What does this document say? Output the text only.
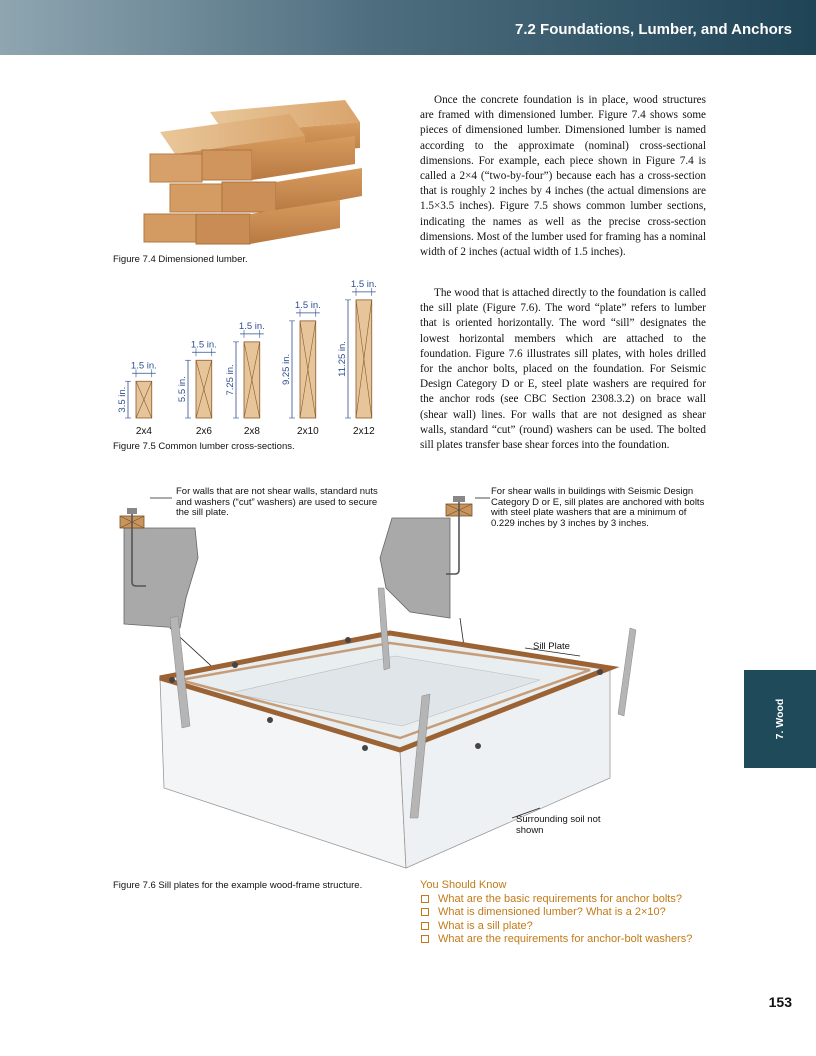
7.2 Foundations, Lumber, and Anchors
Figure 7.4 Dimensioned lumber.
1.5 in.
3.5 in.
2x4
1.5 in.
5.5 in.
2x6
1.5 in.
7.25 in.
2x8
1.5 in.
9.25 in.
2x10
1.5 in.
11.25 in.
2x12
Figure 7.5 Common lumber cross-sections.

Once the concrete foundation is in place, wood structures are framed with dimensioned lumber. Figure 7.4 shows some pieces of dimensioned lumber. Dimensioned lumber is named according to the approximate (nominal) cross-sectional dimensions. For example, each piece shown in Figure 7.4 is called a 2×4 (“two-by-four”) because each has a cross-section that is roughly 2 inches by 4 inches (the actual dimensions are 1.5×3.5 inches). Figure 7.5 shows common lumber sections, indicating the names as well as the precise cross-section dimensions. Most of the lumber used for framing has a nominal width of 2 inches (actual width of 1.5 inches).

The wood that is attached directly to the foundation is called the sill plate (Figure 7.6). The word “plate” refers to lumber that is oriented horizontally. The word “sill” designates the lowest horizontal members which are attached to the foundation. Figure 7.6 illustrates sill plates, with holes drilled for the anchor bolts, placed on the foundation. For Seismic Design Category D or E, steel plate washers are required for the anchor rods (see CBC Section 2308.3.2) on brace wall (shear wall) lines. For walls that are not designed as shear walls, standard “cut” (round) washers can be used. The bolted sill plates transfer base shear forces into the foundation.

For walls that are not shear walls, standard nuts and washers (“cut” washers) are used to secure the sill plate.
For shear walls in buildings with Seismic Design Category D or E, sill plates are anchored with bolts with steel plate washers that are a minimum of 0.229 inches by 3 inches by 3 inches.
Sill Plate
Surrounding soil not shown
Figure 7.6 Sill plates for the example wood-frame structure.	You Should Know
What are the basic requirements for anchor bolts?
What is dimensioned lumber? What is a 2×10?
What is a sill plate?
What are the requirements for anchor-bolt washers?
7. Wood
153
